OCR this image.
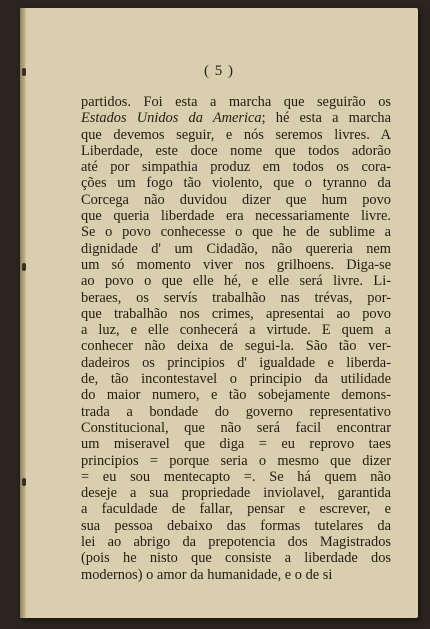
( 5 )
partidos. Foi esta a marcha que seguirão os
Estados Unidos da America; hé esta a marcha
que devemos seguir, e nós seremos livres. A
Liberdade, este doce nome que todos adorão
até por simpathia produz em todos os cora-
ções um fogo tão violento, que o tyranno da
Corcega não duvidou dizer que hum povo
que queria liberdade era necessariamente livre.
Se o povo conhecesse o que he de sublime a
dignidade d' um Cidadão, não quereria nem
um só momento viver nos grilhoens. Diga-se
ao povo o que elle hé, e elle será livre. Li-
beraes, os servís trabalhão nas trévas, por-
que trabalhão nos crimes, apresentai ao povo
a luz, e elle conhecerá a virtude. E quem a
conhecer não deixa de segui-la. São tão ver-
dadeiros os principios d' igualdade e liberda-
de, tão incontestavel o principio da utilidade
do maior numero, e tão sobejamente demons-
trada a bondade do governo representativo
Constitucional, que não será facil encontrar
um miseravel que diga = eu reprovo taes
principios = porque seria o mesmo que dizer
= eu sou mentecapto =. Se há quem não
deseje a sua propriedade inviolavel, garantida
a faculdade de fallar, pensar e escrever, e
sua pessoa debaixo das formas tutelares da
lei ao abrigo da prepotencia dos Magistrados
(pois he nisto que consiste a liberdade dos
modernos) o amor da humanidade, e o de si
